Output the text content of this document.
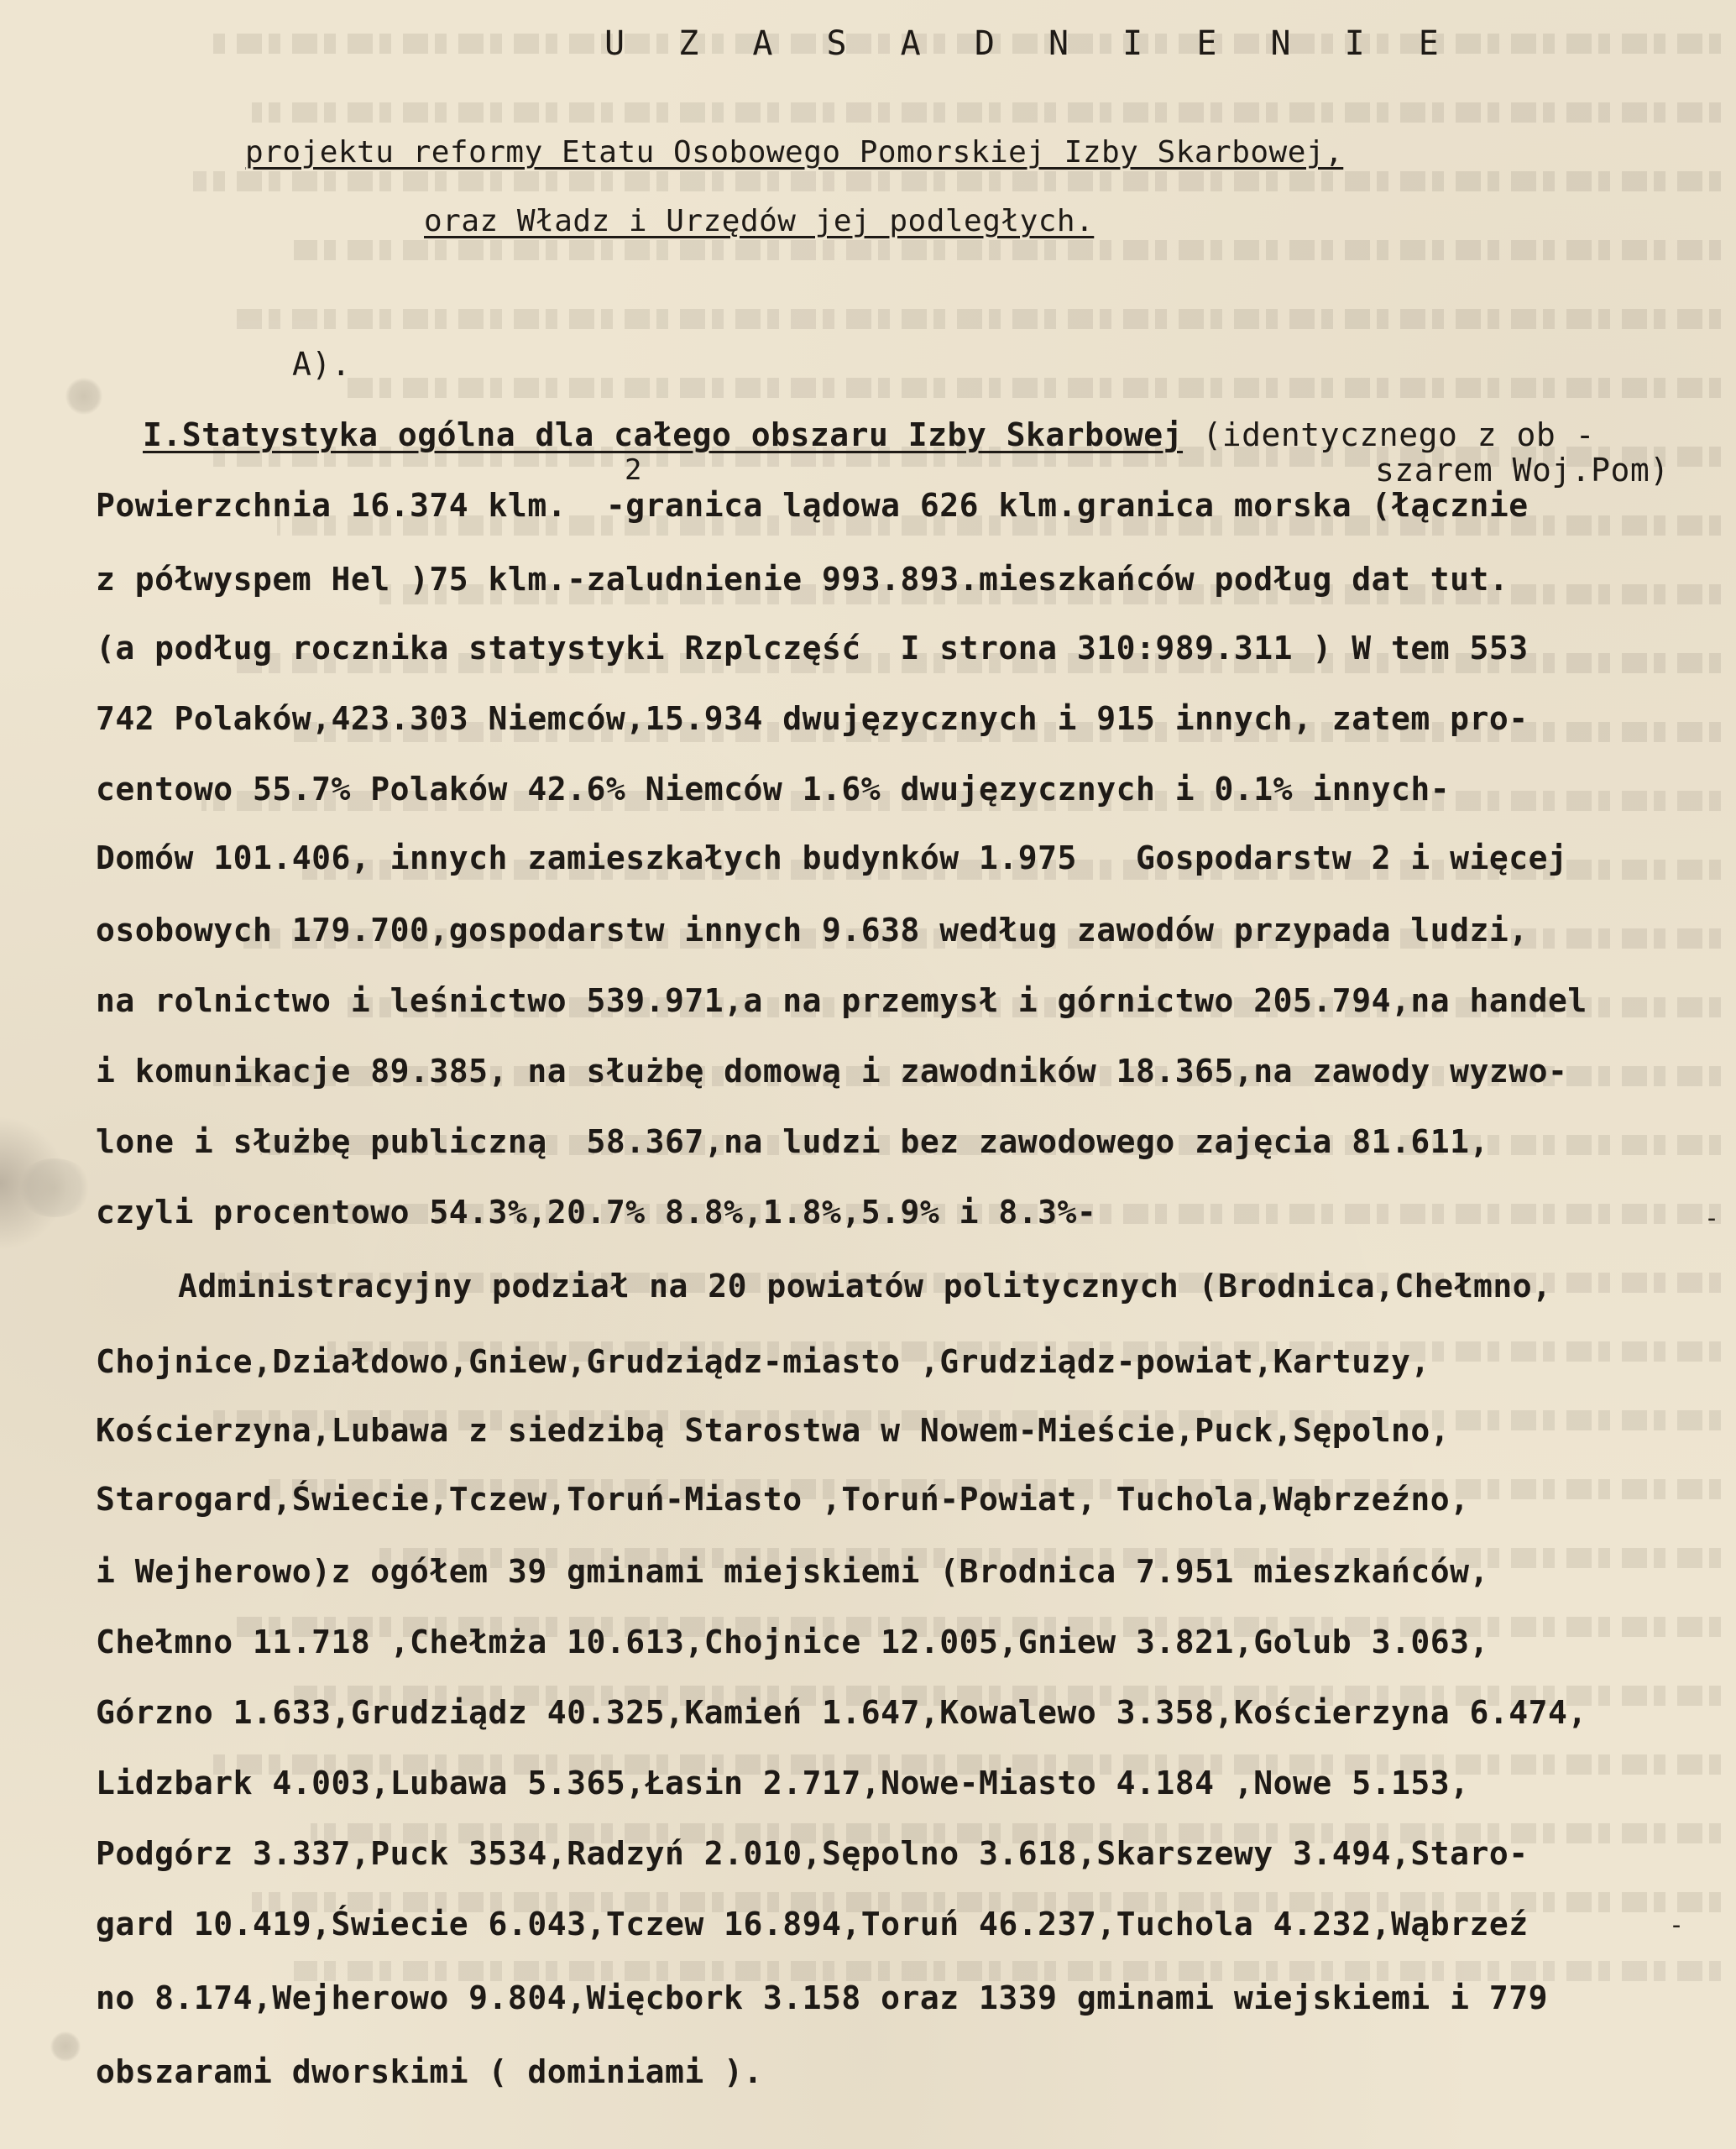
U Z A S A D N I E N I E
projektu reformy Etatu Osobowego Pomorskiej Izby Skarbowej,
oraz Władz i Urzędów jej podległych.
A).
I.Statystyka ogólna dla całego obszaru Izby Skarbowej (identycznego z ob -
2	szarem Woj.Pom)
Powierzchnia 16.374 klm.  -granica lądowa 626 klm.granica morska (łącznie
z półwyspem Hel )75 klm.-zaludnienie 993.893.mieszkańców podług dat tut.
(a podług rocznika statystyki Rzplczęść  I strona 310:989.311 ) W tem 553
742 Polaków,423.303 Niemców,15.934 dwujęzycznych i 915 innych, zatem pro-
centowo 55.7% Polaków 42.6% Niemców 1.6% dwujęzycznych i 0.1% innych-
Domów 101.406, innych zamieszkałych budynków 1.975   Gospodarstw 2 i więcej
osobowych 179.700,gospodarstw innych 9.638 według zawodów przypada ludzi,
na rolnictwo i leśnictwo 539.971,a na przemysł i górnictwo 205.794,na handel
i komunikacje 89.385, na służbę domową i zawodników 18.365,na zawody wyzwo-
lone i służbę publiczną  58.367,na ludzi bez zawodowego zajęcia 81.611,
czyli procentowo 54.3%,20.7% 8.8%,1.8%,5.9% i 8.3%-
Administracyjny podział na 20 powiatów politycznych (Brodnica,Chełmno,
Chojnice,Działdowo,Gniew,Grudziądz-miasto ,Grudziądz-powiat,Kartuzy,
Kościerzyna,Lubawa z siedzibą Starostwa w Nowem-Mieście,Puck,Sępolno,
Starogard,Świecie,Tczew,Toruń-Miasto ,Toruń-Powiat, Tuchola,Wąbrzeźno,
i Wejherowo)z ogółem 39 gminami miejskiemi (Brodnica 7.951 mieszkańców,
Chełmno 11.718 ,Chełmża 10.613,Chojnice 12.005,Gniew 3.821,Golub 3.063,
Górzno 1.633,Grudziądz 40.325,Kamień 1.647,Kowalewo 3.358,Kościerzyna 6.474,
Lidzbark 4.003,Lubawa 5.365,Łasin 2.717,Nowe-Miasto 4.184 ,Nowe 5.153,
Podgórz 3.337,Puck 3534,Radzyń 2.010,Sępolno 3.618,Skarszewy 3.494,Staro-
gard 10.419,Świecie 6.043,Tczew 16.894,Toruń 46.237,Tuchola 4.232,Wąbrzeź
no 8.174,Wejherowo 9.804,Więcbork 3.158 oraz 1339 gminami wiejskiemi i 779
obszarami dworskimi ( dominiami ).
-
-
